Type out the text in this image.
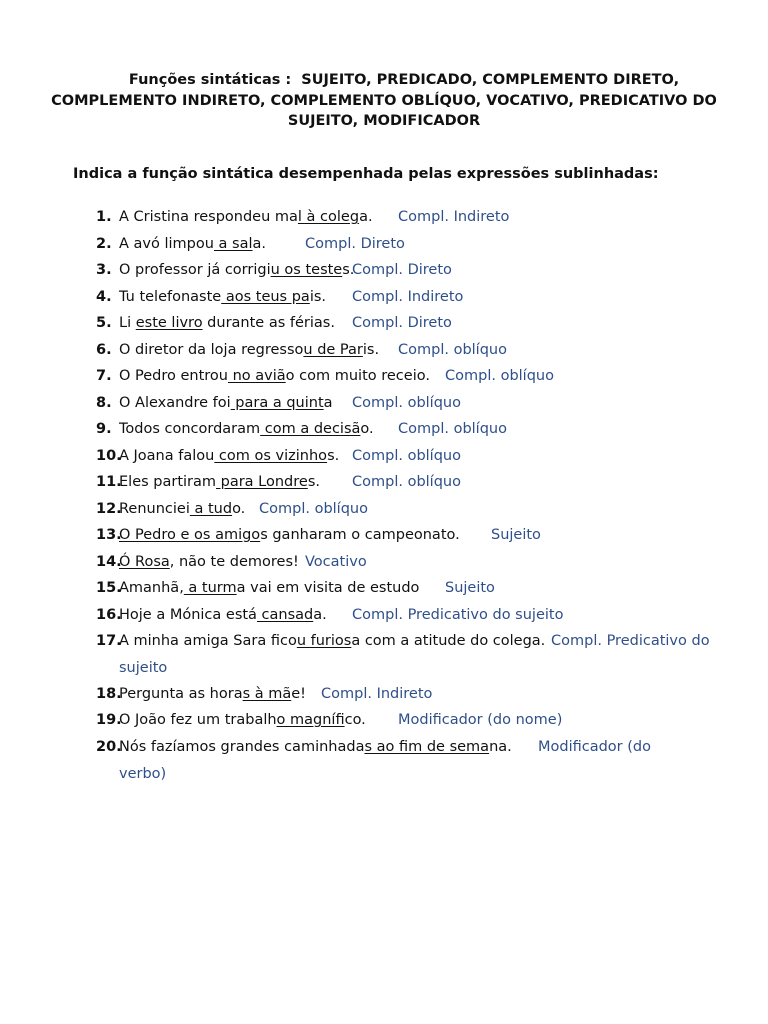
Funções sintáticas :  SUJEITO, PREDICADO, COMPLEMENTO DIRETO,
COMPLEMENTO INDIRETO, COMPLEMENTO OBLÍQUO, VOCATIVO, PREDICATIVO DO
SUJEITO, MODIFICADOR
Indica a função sintática desempenhada pelas expressões sublinhadas:
1. A Cristina respondeu mal à colega. Compl. Indireto
2. A avó limpou a sala.	Compl. Direto
3. O professor já corrigiu os testes.
Compl. Direto
4. Tu telefonaste aos teus pais. Compl. Indireto
5. Li este livro durante as férias. Compl. Direto
6. O diretor da loja regressou de Paris. Compl. oblíquo
7. O Pedro entrou no avião com muito receio. Compl. oblíquo
8. O Alexandre foi para a quinta Compl. oblíquo
9. Todos concordaram com a decisão. Compl. oblíquo
10.A Joana falou com os vizinhos. Compl. oblíquo
11.Eles partiram para Londres. Compl. oblíquo
12.Renunciei a tudo. Compl. oblíquo
13.O Pedro e os amigos ganharam o campeonato. Sujeito
14.Ó Rosa, não te demores! Vocativo
15.Amanhã, a turma vai em visita de estudo Sujeito
16.Hoje a Mónica está cansada. Compl. Predicativo do sujeito
17.A minha amiga Sara ficou furiosa com a atitude do colega. Compl. Predicativo do
sujeito
18.Pergunta as horas à mãe! Compl. Indireto
19.O João fez um trabalho magnífico. Modificador (do nome)
20.Nós fazíamos grandes caminhadas ao fim de semana. Modificador (do
verbo)
